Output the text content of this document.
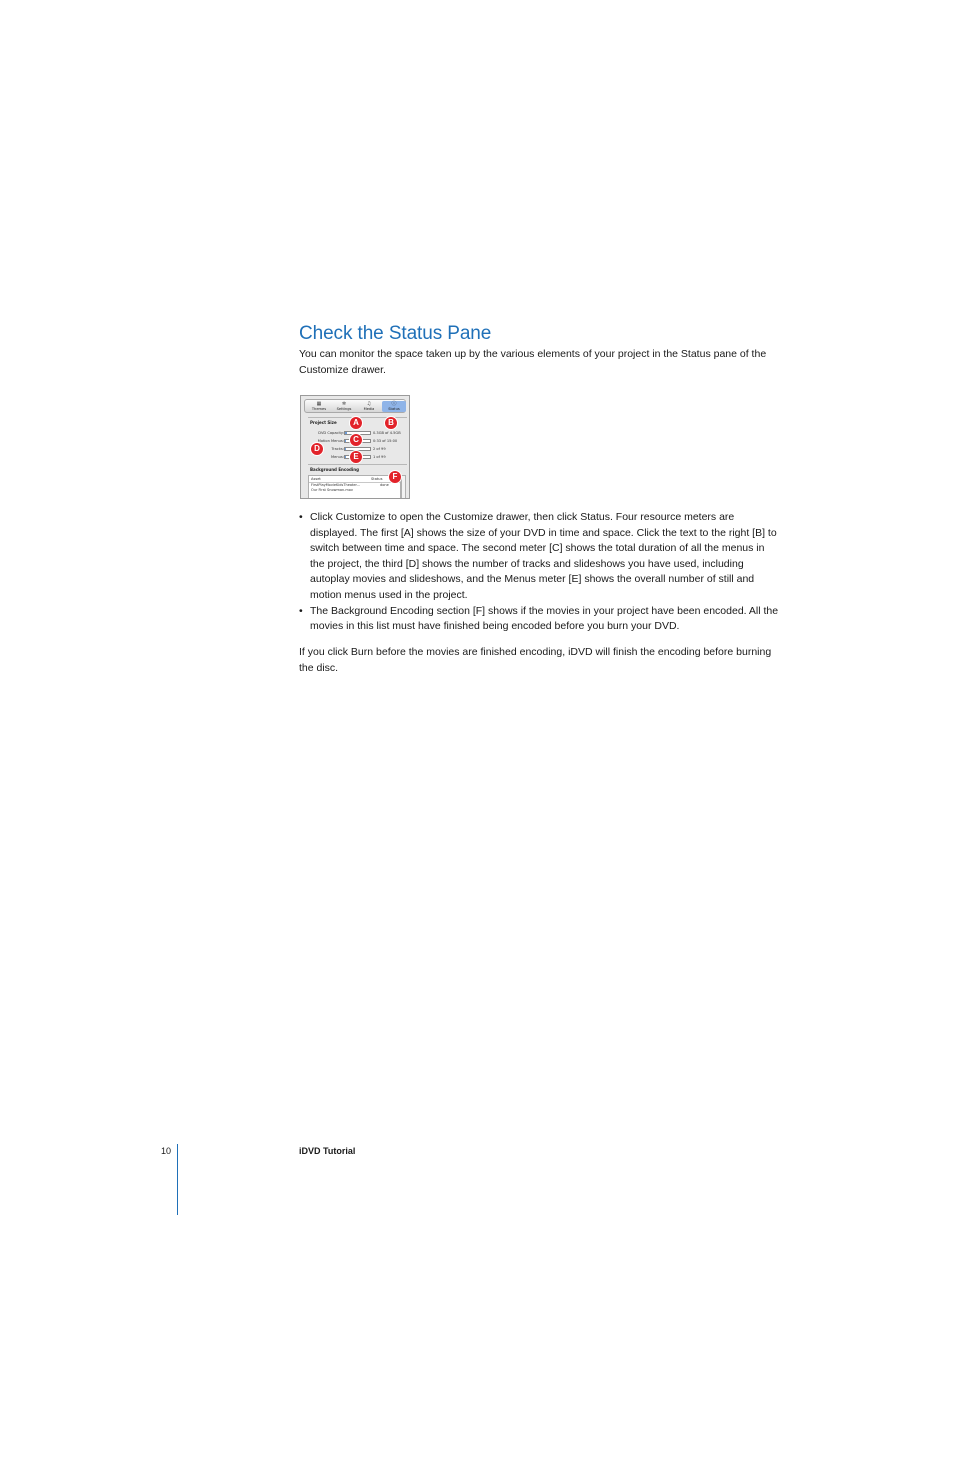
Check the Status Pane

You can monitor the space taken up by the various elements of your project in the Status pane of the Customize drawer.

▦
Themes
✲
Settings
♫
Media
ⓘ
Status
Project Size
DVD Capacity:	0.3GB of 4.5GB
Motion Menus:	0:33 of 15:00
Tracks:	2 of 99
Menus:	1 of 99
Background Encoding
Asset	Status
FirstPlayMovieKidsTheater...	done
Our First Snowman.mov
A	B
C
D
E
F
• Click Customize to open the Customize drawer, then click Status. Four resource meters are displayed. The first [A] shows the size of your DVD in time and space. Click the text to the right [B] to switch between time and space. The second meter [C] shows the total duration of all the menus in the project, the third [D] shows the number of tracks and slideshows you have used, including autoplay movies and slideshows, and the Menus meter [E] shows the overall number of still and motion menus used in the project.
• The Background Encoding section [F] shows if the movies in your project have been encoded. All the movies in this list must have finished being encoded before you burn your DVD.

If you click Burn before the movies are finished encoding, iDVD will finish the encoding before burning the disc.

10	iDVD Tutorial
